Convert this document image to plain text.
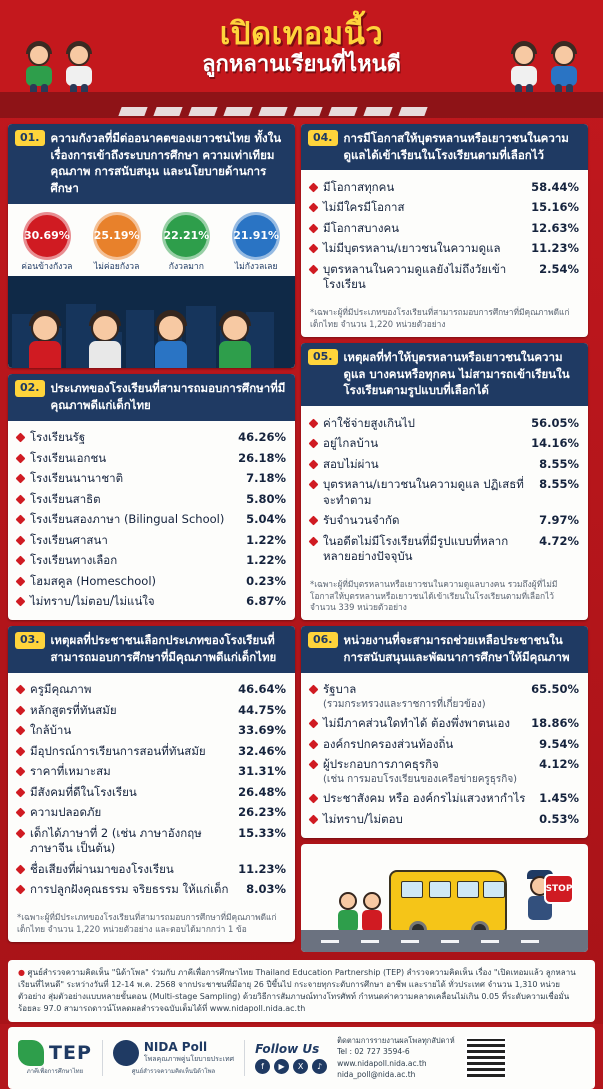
เปิดเทอมนี้ว
ลูกหลานเรียนที่ไหนดี
01. ความกังวลที่มีต่ออนาคตของเยาวชนไทย ทั้งในเรื่องการเข้าถึงระบบการศึกษา ความเท่าเทียม คุณภาพ การสนับสนุน และนโยบายด้านการศึกษา
30.69%
ค่อนข้างกังวล
25.19%
ไม่ค่อยกังวล
22.21%
กังวลมาก
21.91%
ไม่กังวลเลย
02. ประเภทของโรงเรียนที่สามารถมอบการศึกษาที่มีคุณภาพดีแก่เด็กไทย
โรงเรียนรัฐ	46.26%
โรงเรียนเอกชน	26.18%
โรงเรียนนานาชาติ	7.18%
โรงเรียนสาธิต	5.80%
โรงเรียนสองภาษา (Bilingual School)	5.04%
โรงเรียนศาสนา	1.22%
โรงเรียนทางเลือก	1.22%
โฮมสคูล (Homeschool)	0.23%
ไม่ทราบ/ไม่ตอบ/ไม่แน่ใจ	6.87%
03. เหตุผลที่ประชาชนเลือกประเภทของโรงเรียนที่สามารถมอบการศึกษาที่มีคุณภาพดีแก่เด็กไทย
ครูมีคุณภาพ	46.64%
หลักสูตรที่ทันสมัย	44.75%
ใกล้บ้าน	33.69%
มีอุปกรณ์การเรียนการสอนที่ทันสมัย	32.46%
ราคาที่เหมาะสม	31.31%
มีสังคมที่ดีในโรงเรียน	26.48%
ความปลอดภัย	26.23%
เด็กได้ภาษาที่ 2 (เช่น ภาษาอังกฤษ ภาษาจีน เป็นต้น)
15.33%
ชื่อเสียงที่ผ่านมาของโรงเรียน	11.23%
การปลูกฝังคุณธรรม จริยธรรม ให้แก่เด็ก	8.03%
*เฉพาะผู้ที่มีประเภทของโรงเรียนที่สามารถมอบการศึกษาที่มีคุณภาพดีแก่เด็กไทย จำนวน 1,220 หน่วยตัวอย่าง และตอบได้มากกว่า 1 ข้อ
04. การมีโอกาสให้บุตรหลานหรือเยาวชนในความดูแลได้เข้าเรียนในโรงเรียนตามที่เลือกไว้
มีโอกาสทุกคน	58.44%
ไม่มีใครมีโอกาส	15.16%
มีโอกาสบางคน	12.63%
ไม่มีบุตรหลาน/เยาวชนในความดูแล	11.23%
บุตรหลานในความดูแลยังไม่ถึงวัยเข้าโรงเรียน
2.54%
*เฉพาะผู้ที่มีประเภทของโรงเรียนที่สามารถมอบการศึกษาที่มีคุณภาพดีแก่เด็กไทย จำนวน 1,220 หน่วยตัวอย่าง
05. เหตุผลที่ทำให้บุตรหลานหรือเยาวชนในความดูแล บางคนหรือทุกคน ไม่สามารถเข้าเรียนในโรงเรียนตามรูปแบบที่เลือกได้
ค่าใช้จ่ายสูงเกินไป	56.05%
อยู่ไกลบ้าน	14.16%
สอบไม่ผ่าน	8.55%
บุตรหลาน/เยาวชนในความดูแล ปฏิเสธที่จะทำตาม
8.55%
รับจำนวนจำกัด	7.97%
ในอดีตไม่มีโรงเรียนที่มีรูปแบบที่หลากหลายอย่างปัจจุบัน
4.72%
*เฉพาะผู้ที่มีบุตรหลานหรือเยาวชนในความดูแลบางคน รวมถึงผู้ที่ไม่มีโอกาสให้บุตรหลานหรือเยาวชนได้เข้าเรียนในโรงเรียนตามที่เลือกไว้ จำนวน 339 หน่วยตัวอย่าง
06. หน่วยงานที่จะสามารถช่วยเหลือประชาชนในการสนับสนุนและพัฒนาการศึกษาให้มีคุณภาพ
รัฐบาล
(รวมกระทรวงและราชการที่เกี่ยวข้อง)
65.50%
ไม่มีภาคส่วนใดทำได้ ต้องพึ่งพาตนเอง	18.86%
องค์กรปกครองส่วนท้องถิ่น	9.54%
ผู้ประกอบการภาคธุรกิจ
(เช่น การมอบโรงเรียนของเครือข่ายครูธุรกิจ)
4.12%
ประชาสังคม หรือ องค์กรไม่แสวงหากำไร	1.45%
ไม่ทราบ/ไม่ตอบ	0.53%
STOP
● ศูนย์สำรวจความคิดเห็น "นิด้าโพล" ร่วมกับ ภาคีเพื่อการศึกษาไทย Thailand Education Partnership (TEP) สำรวจความคิดเห็น เรื่อง "เปิดเทอมแล้ว ลูกหลานเรียนที่ไหนดี" ระหว่างวันที่ 12-14 พ.ค. 2568 จากประชาชนที่มีอายุ 26 ปีขึ้นไป กระจายทุกระดับการศึกษา อาชีพ และรายได้ ทั่วประเทศ จำนวน 1,310 หน่วยตัวอย่าง สุ่มตัวอย่างแบบหลายขั้นตอน (Multi-stage Sampling) ด้วยวิธีการสัมภาษณ์ทางโทรศัพท์ กำหนดค่าความคลาดเคลื่อนไม่เกิน 0.05 ที่ระดับความเชื่อมั่น ร้อยละ 97.0 สามารถดาวน์โหลดผลสำรวจฉบับเต็มได้ที่ www.nidapoll.nida.ac.th
TEP
ภาคีเพื่อการศึกษาไทย
NIDA Poll
โพลคุณภาพคู่นโยบายประเทศ
ศูนย์สำรวจความคิดเห็นนิด้าโพล
Follow Us
f	▶	X	♪
ติดตามการรายงานผลโพลทุกสัปดาห์
Tel : 02 727 3594-6
www.nidapoll.nida.ac.th
nida_poll@nida.ac.th
